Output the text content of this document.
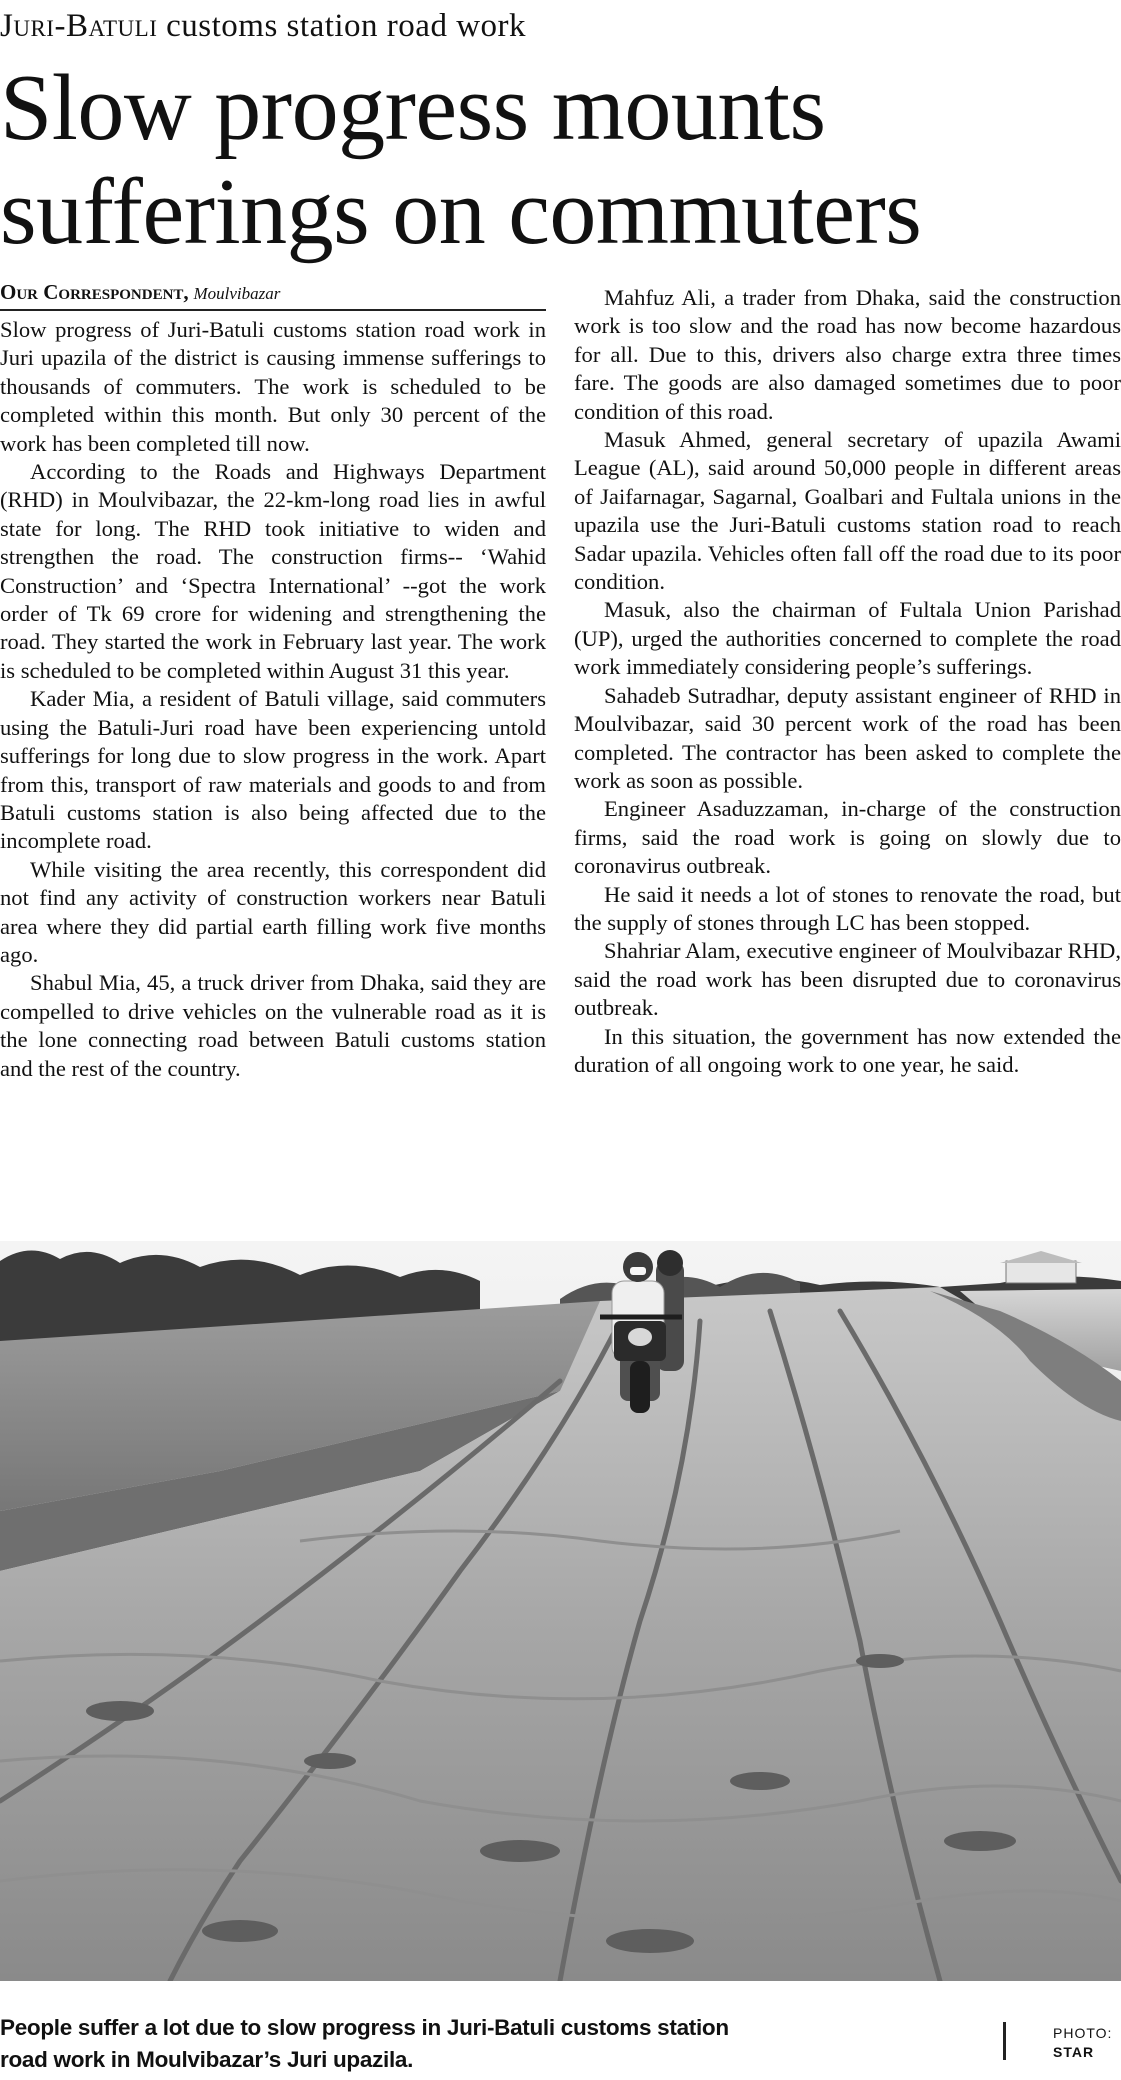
Juri-Batuli customs station road work
Slow progress mounts
sufferings on commuters
Our Correspondent, Moulvibazar

Slow progress of Juri-Batuli customs station road work in Juri upazila of the district is causing immense sufferings to thousands of commuters. The work is scheduled to be completed within this month. But only 30 percent of the work has been completed till now.

According to the Roads and Highways Department (RHD) in Moulvibazar, the 22-km-long road lies in awful state for long. The RHD took initiative to widen and strengthen the road. The construction firms-- ‘Wahid Construction’ and ‘Spectra International’ --got the work order of Tk 69 crore for widening and strengthening the road. They started the work in February last year. The work is scheduled to be completed within August 31 this year.

Kader Mia, a resident of Batuli village, said commuters using the Batuli-Juri road have been experiencing untold sufferings for long due to slow progress in the work. Apart from this, transport of raw materials and goods to and from Batuli customs station is also being affected due to the incomplete road.

While visiting the area recently, this correspondent did not find any activity of construction workers near Batuli area where they did partial earth filling work five months ago.

Shabul Mia, 45, a truck driver from Dhaka, said they are compelled to drive vehicles on the vulnerable road as it is the lone connecting road between Batuli customs station and the rest of the country.

Mahfuz Ali, a trader from Dhaka, said the construction work is too slow and the road has now become hazardous for all. Due to this, drivers also charge extra three times fare. The goods are also damaged sometimes due to poor condition of this road.

Masuk Ahmed, general secretary of upazila Awami League (AL), said around 50,000 people in different areas of Jaifarnagar, Sagarnal, Goalbari and Fultala unions in the upazila use the Juri-Batuli customs station road to reach Sadar upazila. Vehicles often fall off the road due to its poor condition.

Masuk, also the chairman of Fultala Union Parishad (UP), urged the authorities concerned to complete the road work immediately considering people’s sufferings.

Sahadeb Sutradhar, deputy assistant engineer of RHD in Moulvibazar, said 30 percent work of the road has been completed. The contractor has been asked to complete the work as soon as possible.

Engineer Asaduzzaman, in-charge of the construction firms, said the road work is going on slowly due to coronavirus outbreak.

He said it needs a lot of stones to renovate the road, but the supply of stones through LC has been stopped.

Shahriar Alam, executive engineer of Moulvibazar RHD, said the road work has been disrupted due to coronavirus outbreak.

In this situation, the government has now extended the duration of all ongoing work to one year, he said.

People suffer a lot due to slow progress in Juri-Batuli customs station
road work in Moulvibazar’s Juri upazila.
PHOTO:
STAR
